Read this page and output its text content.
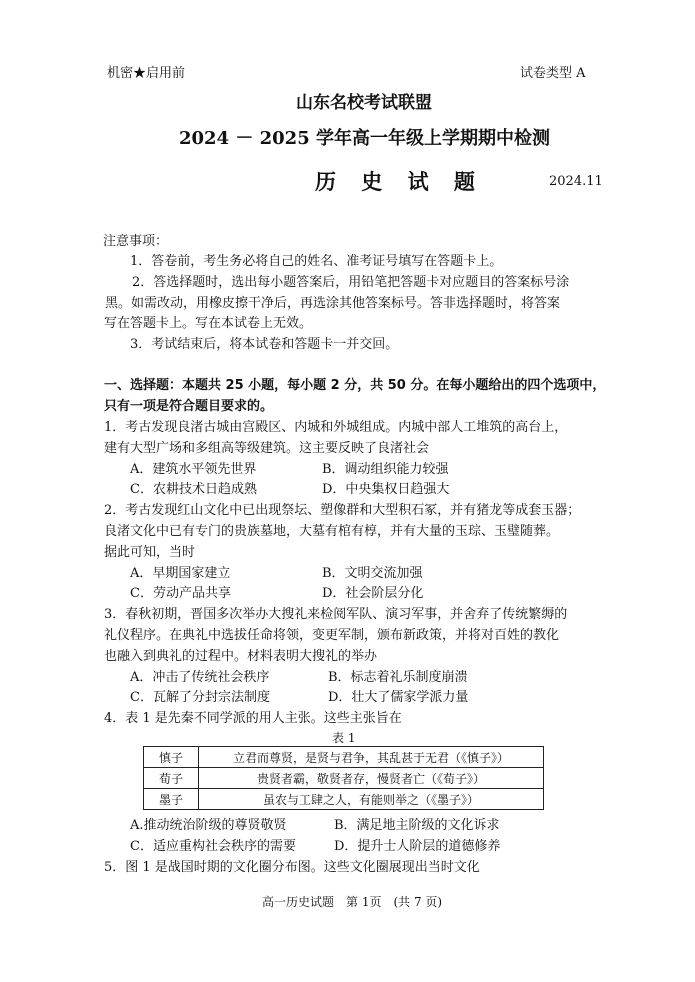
机密★启用前	试卷类型 A
山东名校考试联盟
2024 － 2025 学年高一年级上学期期中检测
历 史 试 题	2024.11
注意事项：
1．答卷前，考生务必将自己的姓名、准考证号填写在答题卡上。
2．答选择题时，选出每小题答案后，用铅笔把答题卡对应题目的答案标号涂
黑。如需改动，用橡皮擦干净后，再选涂其他答案标号。答非选择题时，将答案
写在答题卡上。写在本试卷上无效。
3．考试结束后，将本试卷和答题卡一并交回。
一、选择题：本题共 25 小题，每小题 2 分，共 50 分。在每小题给出的四个选项中，
只有一项是符合题目要求的。
1．考古发现良渚古城由宫殿区、内城和外城组成。内城中部人工堆筑的高台上，
建有大型广场和多组高等级建筑。这主要反映了良渚社会
A．建筑水平领先世界	B．调动组织能力较强
C．农耕技术日趋成熟	D．中央集权日趋强大
2．考古发现红山文化中已出现祭坛、塑像群和大型积石冢，并有猪龙等成套玉器；
良渚文化中已有专门的贵族墓地，大墓有棺有椁，并有大量的玉琮、玉璧随葬。
据此可知，当时
A．早期国家建立	B．文明交流加强
C．劳动产品共享	D．社会阶层分化
3．春秋初期，晋国多次举办大搜礼来检阅军队、演习军事，并舍弃了传统繁缛的
礼仪程序。在典礼中选拔任命将领，变更军制，颁布新政策，并将对百姓的教化
也融入到典礼的过程中。材料表明大搜礼的举办
A．冲击了传统社会秩序	B．标志着礼乐制度崩溃
C．瓦解了分封宗法制度	D．壮大了儒家学派力量
4．表 1 是先秦不同学派的用人主张。这些主张旨在
表 1
慎子	立君而尊贤，是贤与君争，其乱甚于无君（《慎子》）
荀子	贵贤者霸，敬贤者存，慢贤者亡（《荀子》）
墨子	虽农与工肆之人，有能则举之（《墨子》）
A.推动统治阶级的尊贤敬贤	B．满足地主阶级的文化诉求
C．适应重构社会秩序的需要	D．提升士人阶层的道德修养
5．图 1 是战国时期的文化圈分布图。这些文化圈展现出当时文化
高一历史试题　第 1页　(共 7 页)
